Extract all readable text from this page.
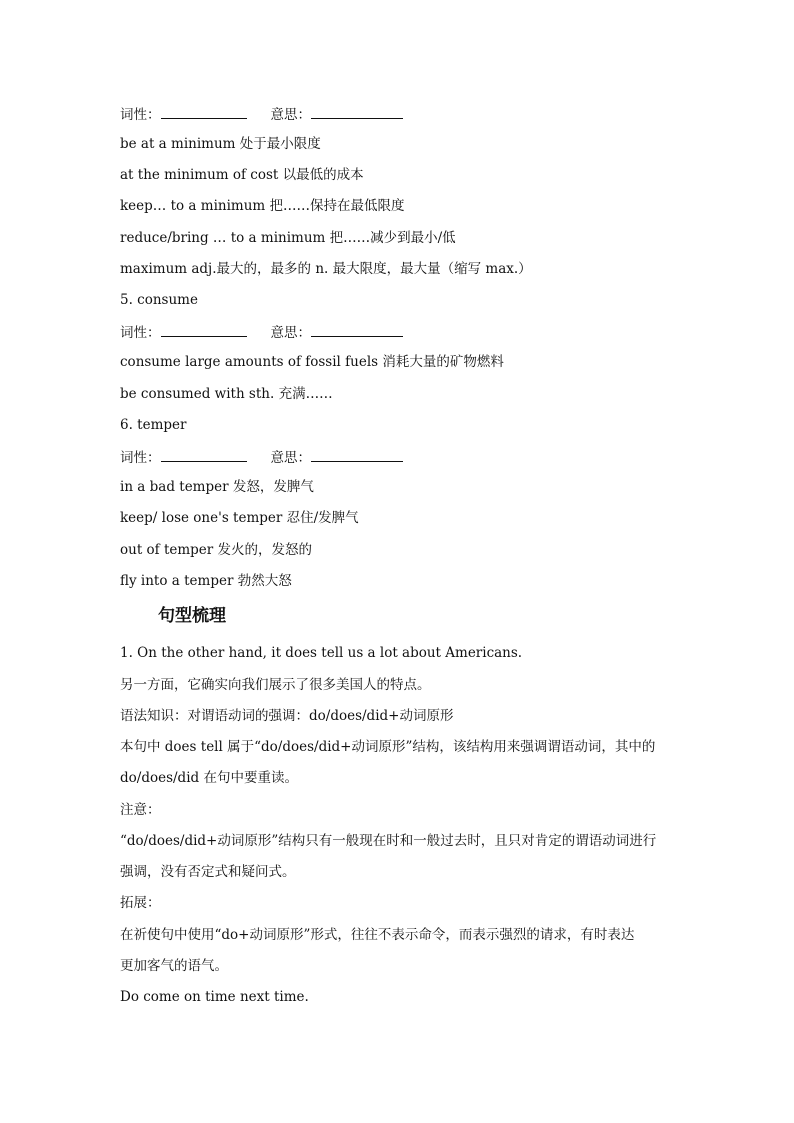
词性：	意思：
be at a minimum 处于最小限度
at the minimum of cost 以最低的成本
keep… to a minimum 把……保持在最低限度
reduce/bring … to a minimum 把……减少到最小/低
maximum adj.最大的，最多的 n. 最大限度，最大量（缩写 max.）
5. consume
词性：	意思：
consume large amounts of fossil fuels 消耗大量的矿物燃料
be consumed with sth. 充满……
6. temper
词性：	意思：
in a bad temper 发怒，发脾气
keep/ lose one's temper 忍住/发脾气
out of temper 发火的，发怒的
fly into a temper 勃然大怒
句型梳理
1. On the other hand, it does tell us a lot about Americans.
另一方面，它确实向我们展示了很多美国人的特点。
语法知识：对谓语动词的强调：do/does/did+动词原形
本句中 does tell 属于“do/does/did+动词原形”结构，该结构用来强调谓语动词，其中的
do/does/did 在句中要重读。
注意：
“do/does/did+动词原形”结构只有一般现在时和一般过去时，且只对肯定的谓语动词进行
强调，没有否定式和疑问式。
拓展：
在祈使句中使用“do+动词原形”形式，往往不表示命令，而表示强烈的请求，有时表达
更加客气的语气。
Do come on time next time.
